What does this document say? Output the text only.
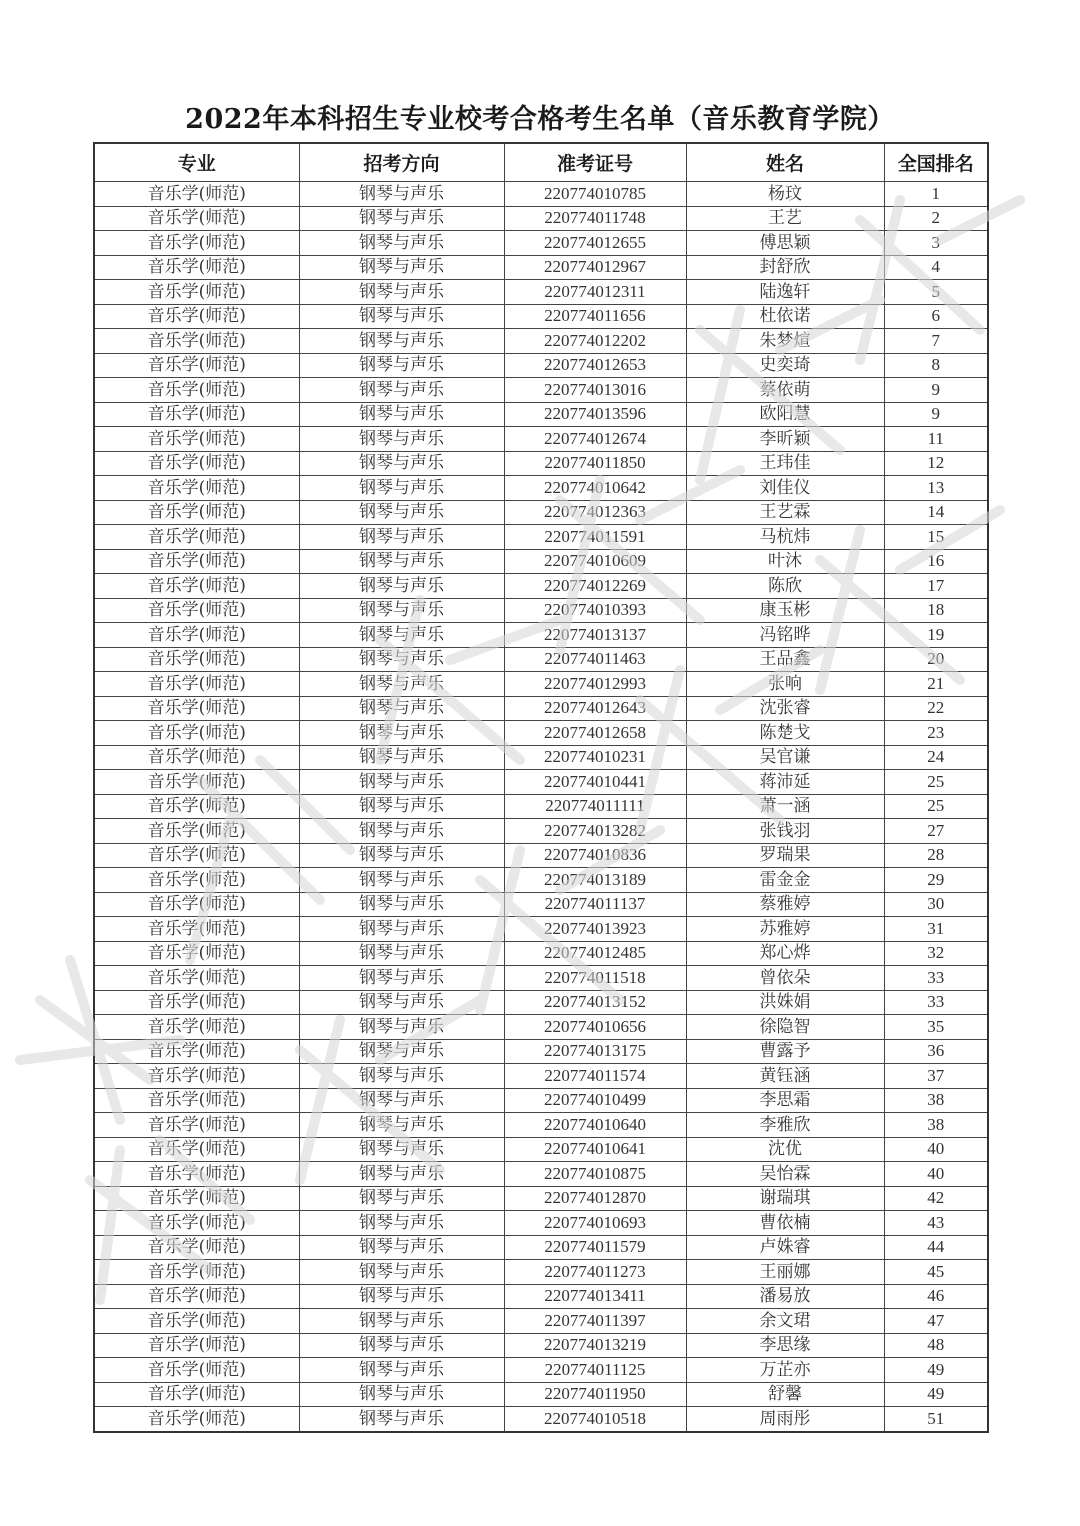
2022年本科招生专业校考合格考生名单（音乐教育学院）
专业	招考方向	准考证号	姓名	全国排名
音乐学(师范)	钢琴与声乐	220774010785	杨玟	1
音乐学(师范)	钢琴与声乐	220774011748	王艺	2
音乐学(师范)	钢琴与声乐	220774012655	傅思颖	3
音乐学(师范)	钢琴与声乐	220774012967	封舒欣	4
音乐学(师范)	钢琴与声乐	220774012311	陆逸轩	5
音乐学(师范)	钢琴与声乐	220774011656	杜依诺	6
音乐学(师范)	钢琴与声乐	220774012202	朱梦煊	7
音乐学(师范)	钢琴与声乐	220774012653	史奕琦	8
音乐学(师范)	钢琴与声乐	220774013016	蔡依萌	9
音乐学(师范)	钢琴与声乐	220774013596	欧阳慧	9
音乐学(师范)	钢琴与声乐	220774012674	李昕颖	11
音乐学(师范)	钢琴与声乐	220774011850	王玮佳	12
音乐学(师范)	钢琴与声乐	220774010642	刘佳仪	13
音乐学(师范)	钢琴与声乐	220774012363	王艺霖	14
音乐学(师范)	钢琴与声乐	220774011591	马杭炜	15
音乐学(师范)	钢琴与声乐	220774010609	叶沐	16
音乐学(师范)	钢琴与声乐	220774012269	陈欣	17
音乐学(师范)	钢琴与声乐	220774010393	康玉彬	18
音乐学(师范)	钢琴与声乐	220774013137	冯铭晔	19
音乐学(师范)	钢琴与声乐	220774011463	王品鑫	20
音乐学(师范)	钢琴与声乐	220774012993	张响	21
音乐学(师范)	钢琴与声乐	220774012643	沈张睿	22
音乐学(师范)	钢琴与声乐	220774012658	陈楚戈	23
音乐学(师范)	钢琴与声乐	220774010231	吴官谦	24
音乐学(师范)	钢琴与声乐	220774010441	蒋沛延	25
音乐学(师范)	钢琴与声乐	220774011111	萧一涵	25
音乐学(师范)	钢琴与声乐	220774013282	张钱羽	27
音乐学(师范)	钢琴与声乐	220774010836	罗瑞果	28
音乐学(师范)	钢琴与声乐	220774013189	雷金金	29
音乐学(师范)	钢琴与声乐	220774011137	蔡雅婷	30
音乐学(师范)	钢琴与声乐	220774013923	苏雅婷	31
音乐学(师范)	钢琴与声乐	220774012485	郑心烨	32
音乐学(师范)	钢琴与声乐	220774011518	曾依朵	33
音乐学(师范)	钢琴与声乐	220774013152	洪姝娟	33
音乐学(师范)	钢琴与声乐	220774010656	徐隐智	35
音乐学(师范)	钢琴与声乐	220774013175	曹露予	36
音乐学(师范)	钢琴与声乐	220774011574	黄钰涵	37
音乐学(师范)	钢琴与声乐	220774010499	李思霜	38
音乐学(师范)	钢琴与声乐	220774010640	李雅欣	38
音乐学(师范)	钢琴与声乐	220774010641	沈优	40
音乐学(师范)	钢琴与声乐	220774010875	吴怡霖	40
音乐学(师范)	钢琴与声乐	220774012870	谢瑞琪	42
音乐学(师范)	钢琴与声乐	220774010693	曹依楠	43
音乐学(师范)	钢琴与声乐	220774011579	卢姝睿	44
音乐学(师范)	钢琴与声乐	220774011273	王丽娜	45
音乐学(师范)	钢琴与声乐	220774013411	潘易放	46
音乐学(师范)	钢琴与声乐	220774011397	余文珺	47
音乐学(师范)	钢琴与声乐	220774013219	李思缘	48
音乐学(师范)	钢琴与声乐	220774011125	万芷亦	49
音乐学(师范)	钢琴与声乐	220774011950	舒馨	49
音乐学(师范)	钢琴与声乐	220774010518	周雨彤	51
